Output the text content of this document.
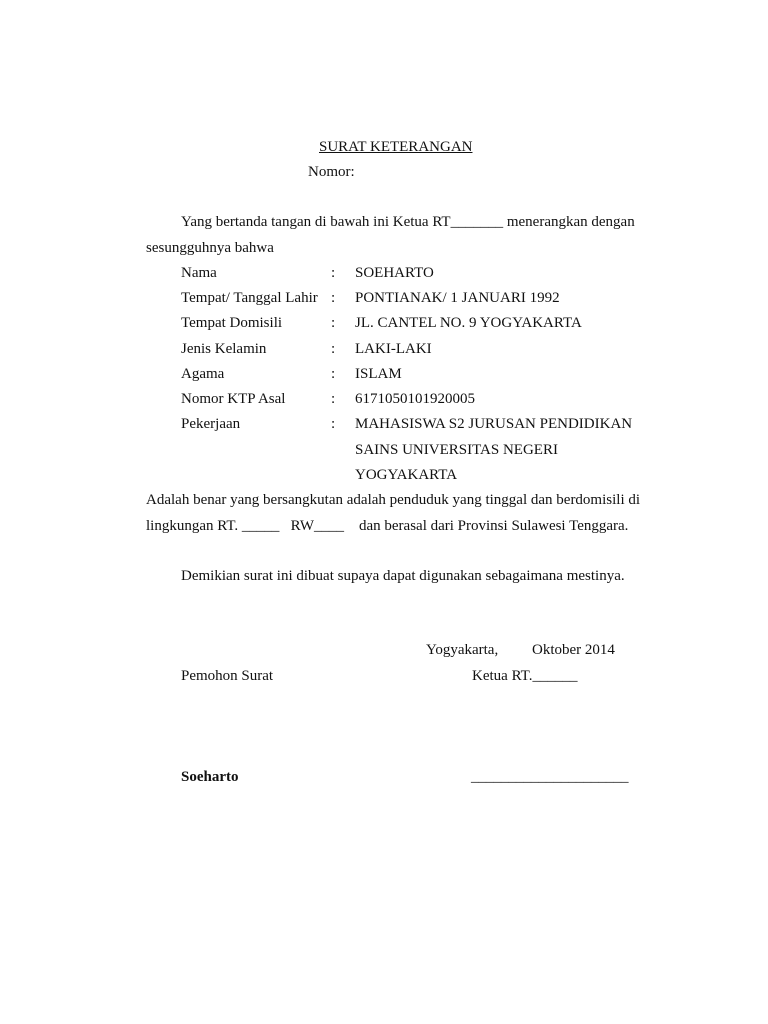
SURAT KETERANGAN
Nomor:
Yang bertanda tangan di bawah ini Ketua RT_______ menerangkan dengan
sesungguhnya bahwa
Nama	: SOEHARTO
Tempat/ Tanggal Lahir : PONTIANAK/ 1 JANUARI 1992
Tempat Domisili	: JL. CANTEL NO. 9 YOGYAKARTA
Jenis Kelamin	: LAKI-LAKI
Agama	: ISLAM
Nomor KTP Asal	: 6171050101920005
Pekerjaan	: MAHASISWA S2 JURUSAN PENDIDIKAN
SAINS UNIVERSITAS NEGERI
YOGYAKARTA
Adalah benar yang bersangkutan adalah penduduk yang tinggal dan berdomisili di
lingkungan RT. _____   RW____    dan berasal dari Provinsi Sulawesi Tenggara.
Demikian surat ini dibuat supaya dapat digunakan sebagaimana mestinya.
Yogyakarta, Oktober 2014
Pemohon Surat	Ketua RT.______
Soeharto	_____________________
